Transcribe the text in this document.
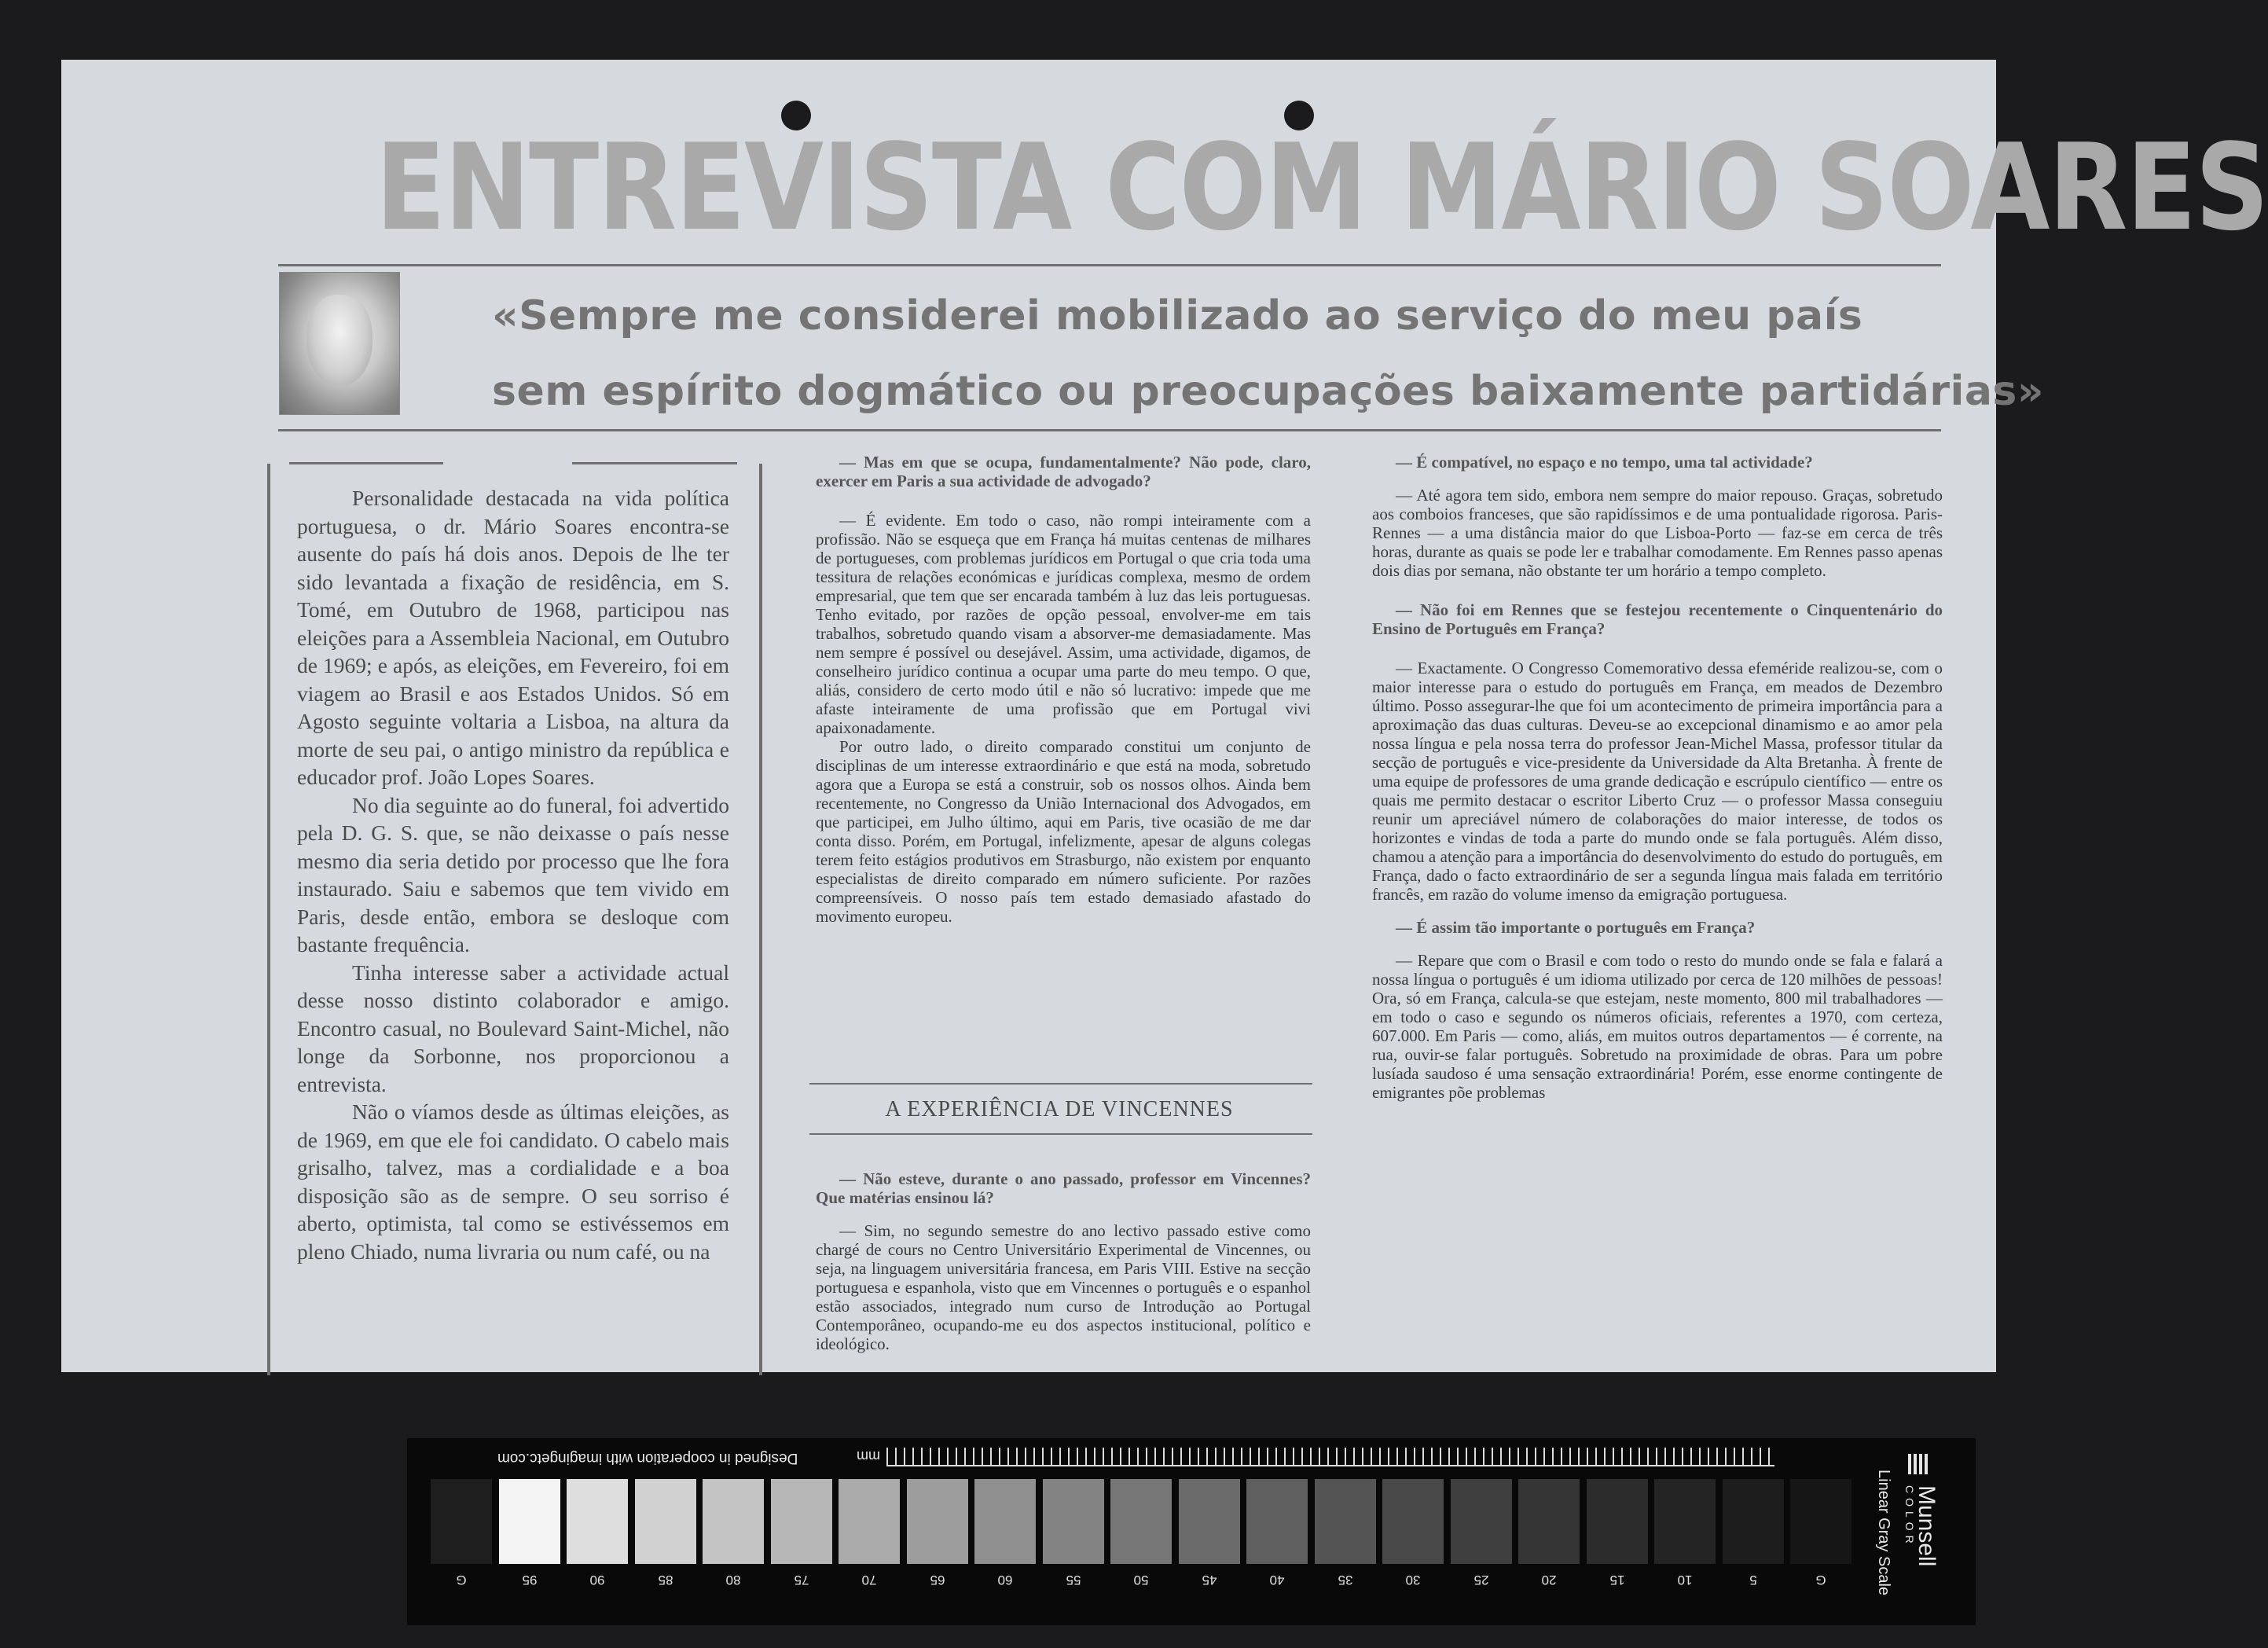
ENTREVISTA COM MÁRIO SOARES
«Sempre me considerei mobilizado ao serviço do meu país
sem espírito dogmático ou preocupações baixamente partidárias»

Personalidade destacada na vida política portuguesa, o dr. Mário Soares encontra-se ausente do país há dois anos. Depois de lhe ter sido levantada a fixação de residência, em S. Tomé, em Outubro de 1968, participou nas eleições para a Assembleia Nacional, em Outubro de 1969; e após, as eleições, em Fevereiro, foi em viagem ao Brasil e aos Estados Unidos. Só em Agosto seguinte voltaria a Lisboa, na altura da morte de seu pai, o antigo ministro da república e educador prof. João Lopes Soares.

No dia seguinte ao do funeral, foi advertido pela D. G. S. que, se não deixasse o país nesse mesmo dia seria detido por processo que lhe fora instaurado. Saiu e sabemos que tem vivido em Paris, desde então, embora se desloque com bastante frequência.

Tinha interesse saber a actividade actual desse nosso distinto colaborador e amigo. Encontro casual, no Boulevard Saint-Michel, não longe da Sorbonne, nos proporcionou a entrevista.

Não o víamos desde as últimas eleições, as de 1969, em que ele foi candidato. O cabelo mais grisalho, talvez, mas a cordialidade e a boa disposição são as de sempre. O seu sorriso é aberto, optimista, tal como se estivéssemos em pleno Chiado, numa livraria ou num café, ou na

— Mas em que se ocupa, fundamentalmente? Não pode, claro, exercer em Paris a sua actividade de advogado?

— É evidente. Em todo o caso, não rompi inteiramente com a profissão. Não se esqueça que em França há muitas centenas de milhares de portugueses, com problemas jurídicos em Portugal o que cria toda uma tessitura de relações económicas e jurídicas complexa, mesmo de ordem empresarial, que tem que ser encarada também à luz das leis portuguesas. Tenho evitado, por razões de opção pessoal, envolver-me em tais trabalhos, sobretudo quando visam a absorver-me demasiadamente. Mas nem sempre é possível ou desejável. Assim, uma actividade, digamos, de conselheiro jurídico continua a ocupar uma parte do meu tempo. O que, aliás, considero de certo modo útil e não só lucrativo: impede que me afaste inteiramente de uma profissão que em Portugal vivi apaixonadamente.

Por outro lado, o direito comparado constitui um conjunto de disciplinas de um interesse extraordinário e que está na moda, sobretudo agora que a Europa se está a construir, sob os nossos olhos. Ainda bem recentemente, no Congresso da União Internacional dos Advogados, em que participei, em Julho último, aqui em Paris, tive ocasião de me dar conta disso. Porém, em Portugal, infelizmente, apesar de alguns colegas terem feito estágios produtivos em Strasburgo, não existem por enquanto especialistas de direito comparado em número suficiente. Por razões compreensíveis. O nosso país tem estado demasiado afastado do movimento europeu.

A EXPERIÊNCIA DE VINCENNES

— Não esteve, durante o ano passado, professor em Vincennes? Que matérias ensinou lá?

— Sim, no segundo semestre do ano lectivo passado estive como chargé de cours no Centro Universitário Experimental de Vincennes, ou seja, na linguagem universitária francesa, em Paris VIII. Estive na secção portuguesa e espanhola, visto que em Vincennes o português e o espanhol estão associados, integrado num curso de Introdução ao Portugal Contemporâneo, ocupando-me eu dos aspectos institucional, político e ideológico.

— É compatível, no espaço e no tempo, uma tal actividade?

— Até agora tem sido, embora nem sempre do maior repouso. Graças, sobretudo aos comboios franceses, que são rapidíssimos e de uma pontualidade rigorosa. Paris-Rennes — a uma distância maior do que Lisboa-Porto — faz-se em cerca de três horas, durante as quais se pode ler e trabalhar comodamente. Em Rennes passo apenas dois dias por semana, não obstante ter um horário a tempo completo.

— Não foi em Rennes que se festejou recentemente o Cinquentenário do Ensino de Português em França?

— Exactamente. O Congresso Comemorativo dessa efeméride realizou-se, com o maior interesse para o estudo do português em França, em meados de Dezembro último. Posso assegurar-lhe que foi um acontecimento de primeira importância para a aproximação das duas culturas. Deveu-se ao excepcional dinamismo e ao amor pela nossa língua e pela nossa terra do professor Jean-Michel Massa, professor titular da secção de português e vice-presidente da Universidade da Alta Bretanha. À frente de uma equipe de professores de uma grande dedicação e escrúpulo científico — entre os quais me permito destacar o escritor Liberto Cruz — o professor Massa conseguiu reunir um apreciável número de colaborações do maior interesse, de todos os horizontes e vindas de toda a parte do mundo onde se fala português. Além disso, chamou a atenção para a importância do desenvolvimento do estudo do português, em França, dado o facto extraordinário de ser a segunda língua mais falada em território francês, em razão do volume imenso da emigração portuguesa.

— É assim tão importante o português em França?

— Repare que com o Brasil e com todo o resto do mundo onde se fala e falará a nossa língua o português é um idioma utilizado por cerca de 120 milhões de pessoas! Ora, só em França, calcula-se que estejam, neste momento, 800 mil trabalhadores — em todo o caso e segundo os números oficiais, referentes a 1970, com certeza, 607.000. Em Paris — como, aliás, em muitos outros departamentos — é corrente, na rua, ouvir-se falar português. Sobretudo na proximidade de obras. Para um pobre lusíada saudoso é uma sensação extraordinária! Porém, esse enorme contingente de emigrantes põe problemas

Designed in cooperation with imagingetc.com	mm
Munsell
COLOR
Linear Gray Scale
G	95	90	85	80	75	70	65	60	55	50	45	40	35	30	25	20	15	10	5	G
